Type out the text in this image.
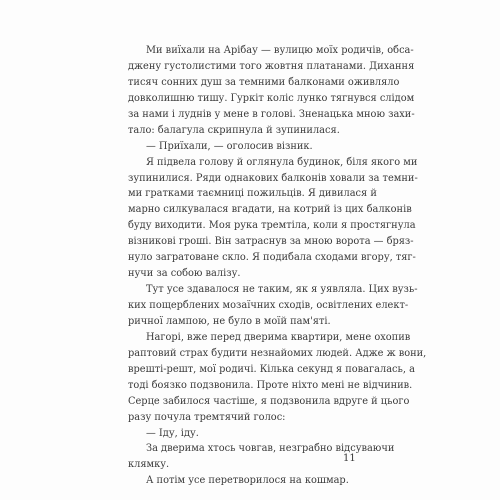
Ми виїхали на Арібау — вулицю моїх родичів, обса-
джену густолистими того жовтня платанами. Дихання
тисяч сонних душ за темними балконами оживляло
довколишню тишу. Гуркіт коліс лунко тягнувся слідом
за нами і луднів у мене в голові. Зненацька мною захи-
тало: балагула скрипнула й зупинилася.
— Приїхали, — оголосив візник.
Я підвела голову й оглянула будинок, біля якого ми
зупинилися. Ряди однакових балконів ховали за темни-
ми гратками таємниці пожильців. Я дивилася й
марно силкувалася вгадати, на котрий із цих балконів
буду виходити. Моя рука тремтіла, коли я простягнула
візникові гроші. Він затраснув за мною ворота — бряз-
нуло загратоване скло. Я подибала сходами вгору, тяг-
нучи за собою валізу.
Тут усе здавалося не таким, як я уявляла. Цих вузь-
ких пощерблених мозаїчних сходів, освітлених елект-
ричної лампою, не було в моїй пам'яті.
Нагорі, вже перед дверима квартири, мене охопив
раптовий страх будити незнайомих людей. Адже ж вони,
врешті-решт, мої родичі. Кілька секунд я повагалась, а
тоді боязко подзвонила. Проте ніхто мені не відчинив.
Серце забилося частіше, я подзвонила вдруге й цього
разу почула тремтячий голос:
— Іду, іду.
За дверима хтось човгав, незграбно відсуваючи
клямку.
А потім усе перетворилося на кошмар.
11
